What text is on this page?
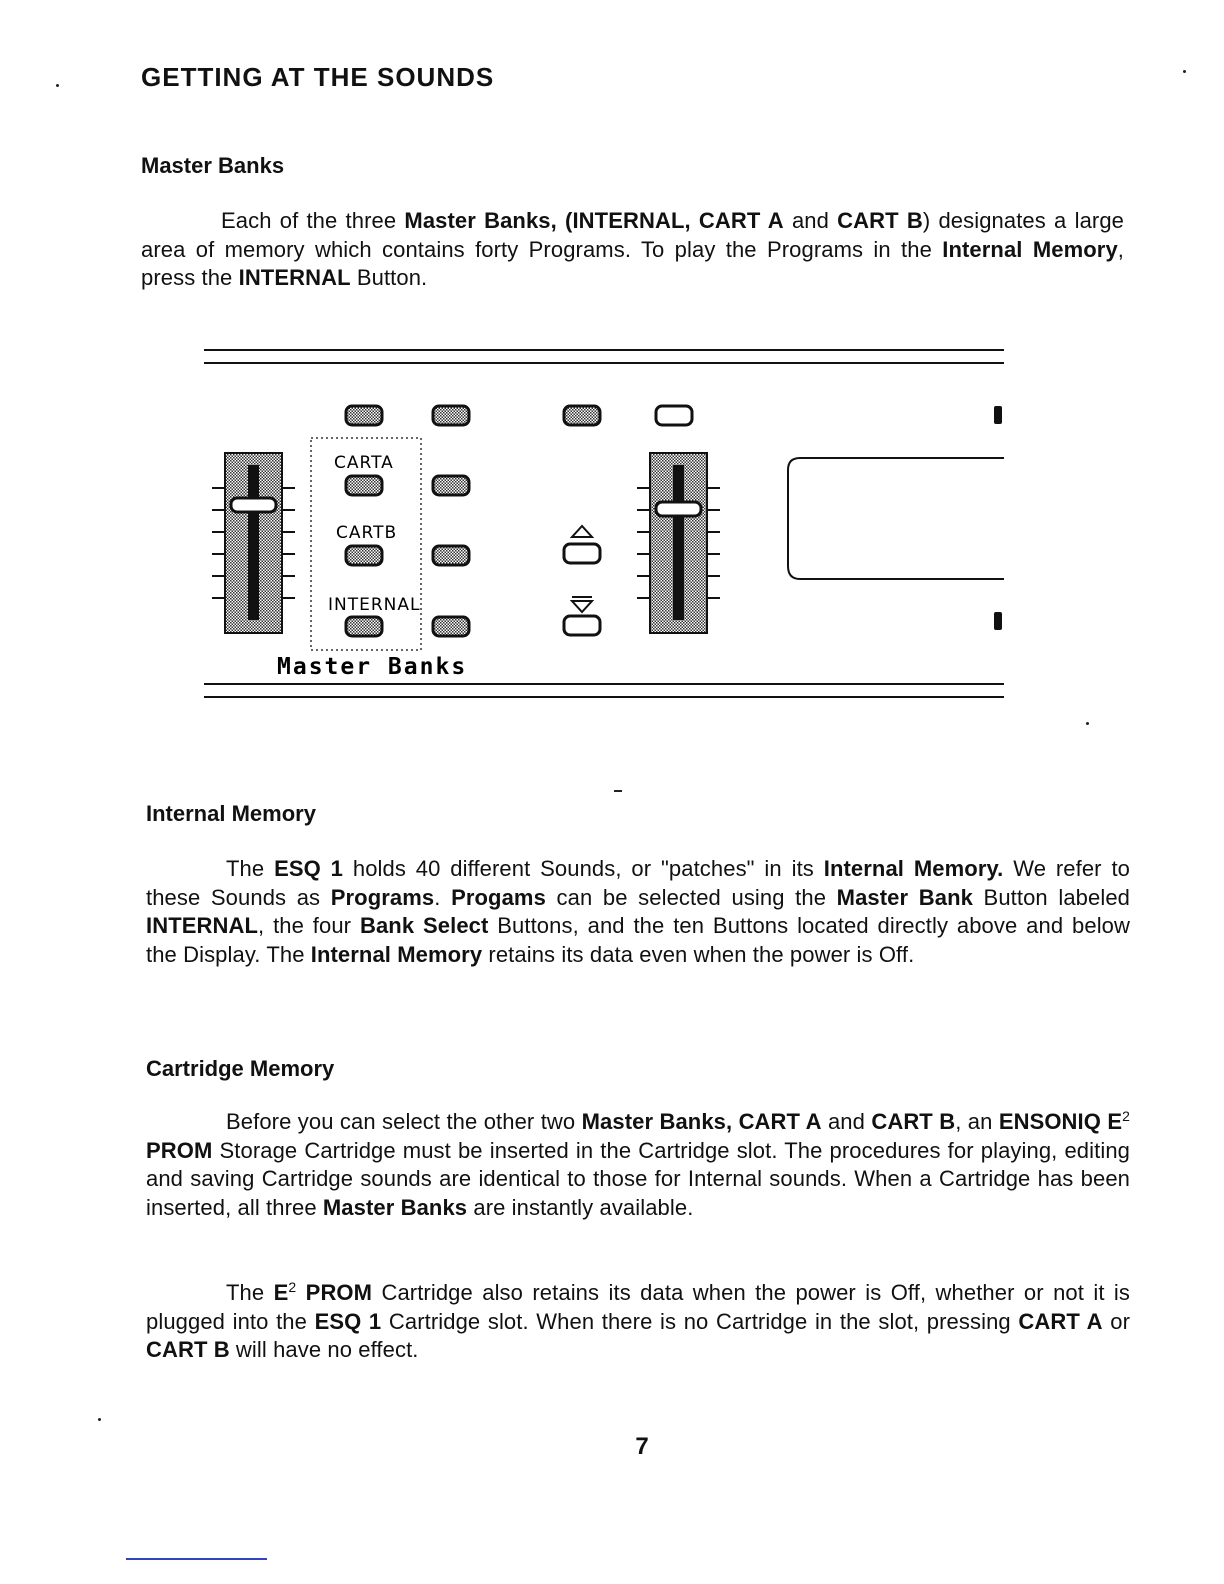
GETTING AT THE SOUNDS
Master Banks

Each of the three Master Banks, (INTERNAL, CART A and CART B) designates a large area of memory which contains forty Programs. To play the Programs in the Internal Memory, press the INTERNAL Button.

CARTA
CARTB
INTERNAL
Master Banks
Internal Memory

The ESQ 1 holds 40 different Sounds, or "patches" in its Internal Memory. We refer to these Sounds as Programs. Progams can be selected using the Master Bank Button labeled INTERNAL, the four Bank Select Buttons, and the ten Buttons located directly above and below the Display. The Internal Memory retains its data even when the power is Off.

Cartridge Memory

Before you can select the other two Master Banks, CART A and CART B, an ENSONIQ $E^2$ PROM Storage Cartridge must be inserted in the Cartridge slot. The procedures for playing, editing and saving Cartridge sounds are identical to those for Internal sounds. When a Cartridge has been inserted, all three Master Banks are instantly available.

The $E^2$ PROM Cartridge also retains its data when the power is Off, whether or not it is plugged into the ESQ 1 Cartridge slot. When there is no Cartridge in the slot, pressing CART A or CART B will have no effect.

7
